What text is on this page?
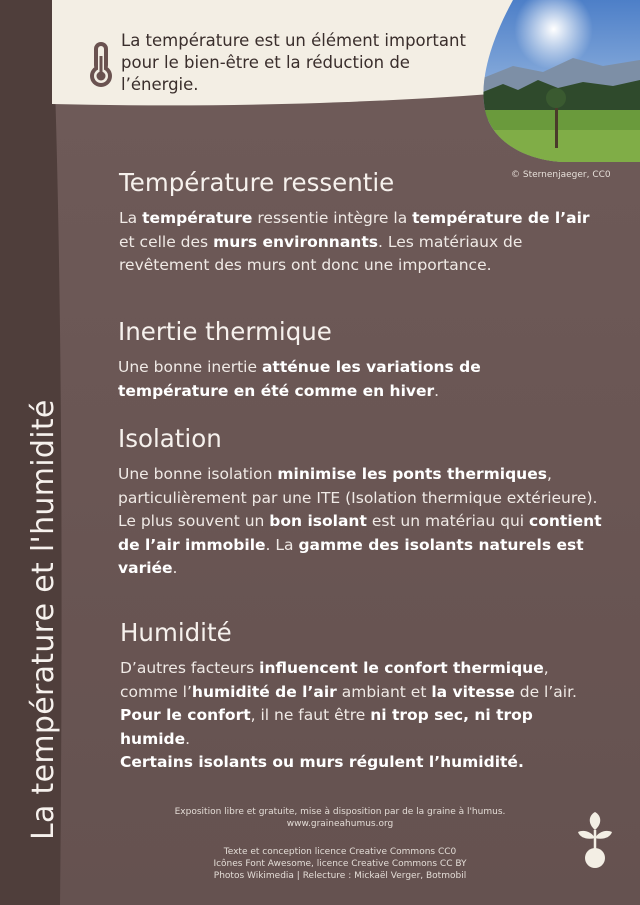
La température est un élément important pour le bien-être et la réduction de l’énergie.
© Sternenjaeger, CC0
La température et l'humidité
Température ressentie

La température ressentie intègre la température de l’air et celle des murs environnants. Les matériaux de revêtement des murs ont donc une importance.

Inertie thermique

Une bonne inertie atténue les variations de température en été comme en hiver.

Isolation

Une bonne isolation minimise les ponts thermiques, particulièrement par une ITE (Isolation thermique extérieure). Le plus souvent un bon isolant est un matériau qui contient de l’air immobile. La gamme des isolants naturels est variée.

Humidité

D’autres facteurs influencent le confort thermique, comme l’humidité de l’air ambiant et la vitesse de l’air.
Pour le confort, il ne faut être ni trop sec, ni trop humide.
Certains isolants ou murs régulent l’humidité.

Exposition libre et gratuite, mise à disposition par de la graine à l'humus.
www.graineahumus.org
Texte et conception licence Creative Commons CC0
Icônes Font Awesome, licence Creative Commons CC BY
Photos Wikimedia | Relecture : Mickaël Verger, Botmobil
